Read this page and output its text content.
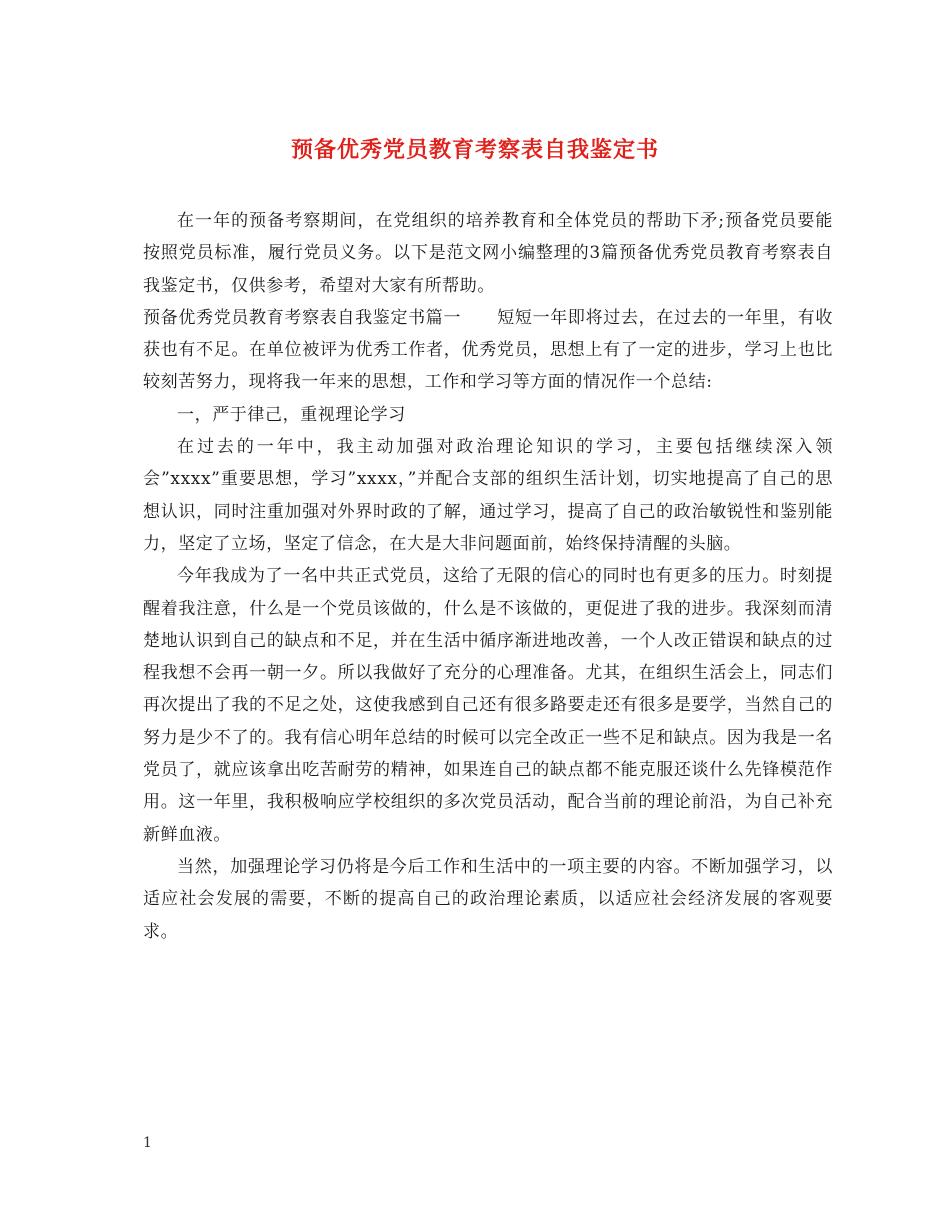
预备优秀党员教育考察表自我鉴定书

在一年的预备考察期间，在党组织的培养教育和全体党员的帮助下矛;预备党员要能按照党员标准，履行党员义务。以下是范文网小编整理的3篇预备优秀党员教育考察表自我鉴定书，仅供参考，希望对大家有所帮助。

预备优秀党员教育考察表自我鉴定书篇一 短短一年即将过去，在过去的一年里，有收获也有不足。在单位被评为优秀工作者，优秀党员，思想上有了一定的进步，学习上也比较刻苦努力，现将我一年来的思想，工作和学习等方面的情况作一个总结:

一，严于律己，重视理论学习

在过去的一年中，我主动加强对政治理论知识的学习，主要包括继续深入领会”xxxx”重要思想，学习”xxxx，”并配合支部的组织生活计划，切实地提高了自己的思想认识，同时注重加强对外界时政的了解，通过学习，提高了自己的政治敏锐性和鉴别能力，坚定了立场，坚定了信念，在大是大非问题面前，始终保持清醒的头脑。

今年我成为了一名中共正式党员，这给了无限的信心的同时也有更多的压力。时刻提醒着我注意，什么是一个党员该做的，什么是不该做的，更促进了我的进步。我深刻而清楚地认识到自己的缺点和不足，并在生活中循序渐进地改善，一个人改正错误和缺点的过程我想不会再一朝一夕。所以我做好了充分的心理准备。尤其，在组织生活会上，同志们再次提出了我的不足之处，这使我感到自己还有很多路要走还有很多是要学，当然自己的努力是少不了的。我有信心明年总结的时候可以完全改正一些不足和缺点。因为我是一名党员了，就应该拿出吃苦耐劳的精神，如果连自己的缺点都不能克服还谈什么先锋模范作用。这一年里，我积极响应学校组织的多次党员活动，配合当前的理论前沿，为自己补充新鲜血液。

当然，加强理论学习仍将是今后工作和生活中的一项主要的内容。不断加强学习，以适应社会发展的需要，不断的提高自己的政治理论素质，以适应社会经济发展的客观要求。

1
